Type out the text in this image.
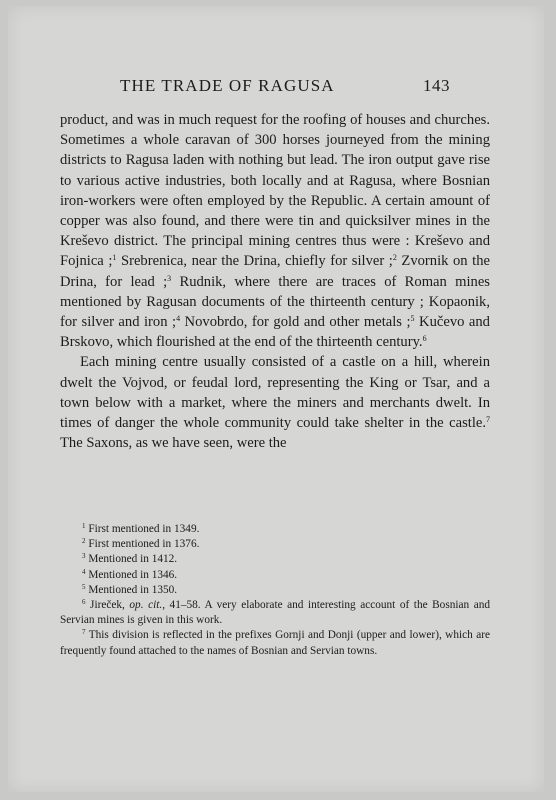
THE TRADE OF RAGUSA	143

product, and was in much request for the roofing of houses and churches. Sometimes a whole caravan of 300 horses journeyed from the mining districts to Ragusa laden with nothing but lead. The iron output gave rise to various active industries, both locally and at Ragusa, where Bosnian iron-workers were often employed by the Republic. A certain amount of copper was also found, and there were tin and quicksilver mines in the Kreševo district. The principal mining centres thus were : Kreševo and Fojnica ;$^1$ Srebrenica, near the Drina, chiefly for silver ;$^2$ Zvornik on the Drina, for lead ;$^3$ Rudnik, where there are traces of Roman mines mentioned by Ragusan documents of the thirteenth century ; Kopaonik, for silver and iron ;$^4$ Novobrdo, for gold and other metals ;$^5$ Kučevo and Brskovo, which flourished at the end of the thirteenth century.$^6$

Each mining centre usually consisted of a castle on a hill, wherein dwelt the Vojvod, or feudal lord, representing the King or Tsar, and a town below with a market, where the miners and merchants dwelt. In times of danger the whole community could take shelter in the castle.$^7$ The Saxons, as we have seen, were the

$^1$ First mentioned in 1349.

$^2$ First mentioned in 1376.

$^3$ Mentioned in 1412.

$^4$ Mentioned in 1346.

$^5$ Mentioned in 1350.

$^6$ Jireček, op. cit., 41–58. A very elaborate and interesting account of the Bosnian and Servian mines is given in this work.

$^7$ This division is reflected in the prefixes Gornji and Donji (upper and lower), which are frequently found attached to the names of Bosnian and Servian towns.
